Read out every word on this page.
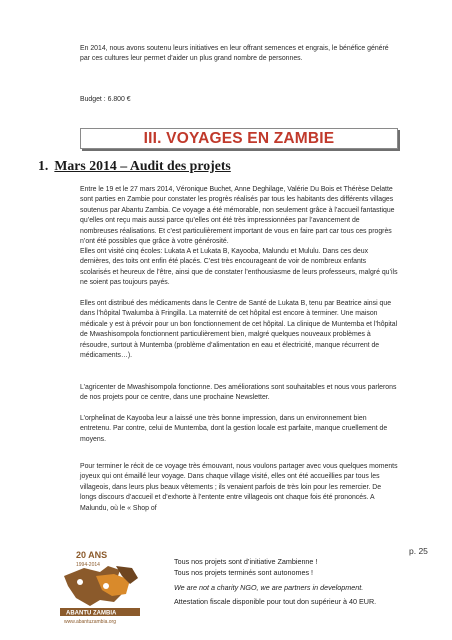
En 2014, nous avons soutenu leurs initiatives en leur offrant semences et engrais, le bénéfice généré par ces cultures leur permet d’aider un plus grand nombre de personnes.

Budget : 6.800 €

III. VOYAGES EN ZAMBIE
1. Mars 2014 – Audit des projets

Entre le 19 et le 27 mars 2014, Véronique Buchet, Anne Deghilage, Valérie Du Bois et Thérèse Delatte sont parties en Zambie pour constater les progrès réalisés par tous les habitants des différents villages soutenus par Abantu Zambia. Ce voyage a été mémorable, non seulement grâce à l’accueil fantastique qu’elles ont reçu mais aussi parce qu’elles ont été très impressionnées par l’avancement de nombreuses réalisations. Et c’est particulièrement important de vous en faire part car tous ces progrès n’ont été possibles que grâce à votre générosité.

Elles ont visité cinq écoles: Lukata A et Lukata B, Kayooba, Malundu et Mululu. Dans ces deux dernières, des toits ont enfin été placés. C’est très encourageant de voir de nombreux enfants scolarisés et heureux de l’être, ainsi que de constater l’enthousiasme de leurs professeurs, malgré qu’ils ne soient pas toujours payés.

Elles ont distribué des médicaments dans le Centre de Santé de Lukata B, tenu par Beatrice ainsi que dans l’hôpital Twalumba à Fringilla. La maternité de cet hôpital est encore à terminer. Une maison médicale y est à prévoir pour un bon fonctionnement de cet hôpital. La clinique de Muntemba et l’hôpital de Mwashisompola fonctionnent particulièrement bien, malgré quelques nouveaux problèmes à résoudre, surtout à Muntemba (problème d’alimentation en eau et électricité, manque récurrent de médicaments…).

L’agricenter de Mwashisompola fonctionne. Des améliorations sont souhaitables et nous vous parlerons de nos projets pour ce centre, dans une prochaine Newsletter.

L’orphelinat de Kayooba leur a laissé une très bonne impression, dans un environnement bien entretenu. Par contre, celui de Muntemba, dont la gestion locale est parfaite, manque cruellement de moyens.

Pour terminer le récit de ce voyage très émouvant, nous voulons partager avec vous quelques moments joyeux qui ont émaillé leur voyage. Dans chaque village visité, elles ont été accueillies par tous les villageois, dans leurs plus beaux vêtements ; ils venaient parfois de très loin pour les remercier. De longs discours d’accueil et d’exhorte à l’entente entre villageois ont chaque fois été prononcés. A Malundu, où le « Shop of

p. 25
20 ANS
1994-2014
ABANTU ZAMBIA
www.abantuzambia.org
Tous nos projets sont d’initiative Zambienne !
Tous nos projets terminés sont autonomes !
We are not a charity NGO, we are partners in development.
Attestation fiscale disponible pour tout don supérieur à 40 EUR.
